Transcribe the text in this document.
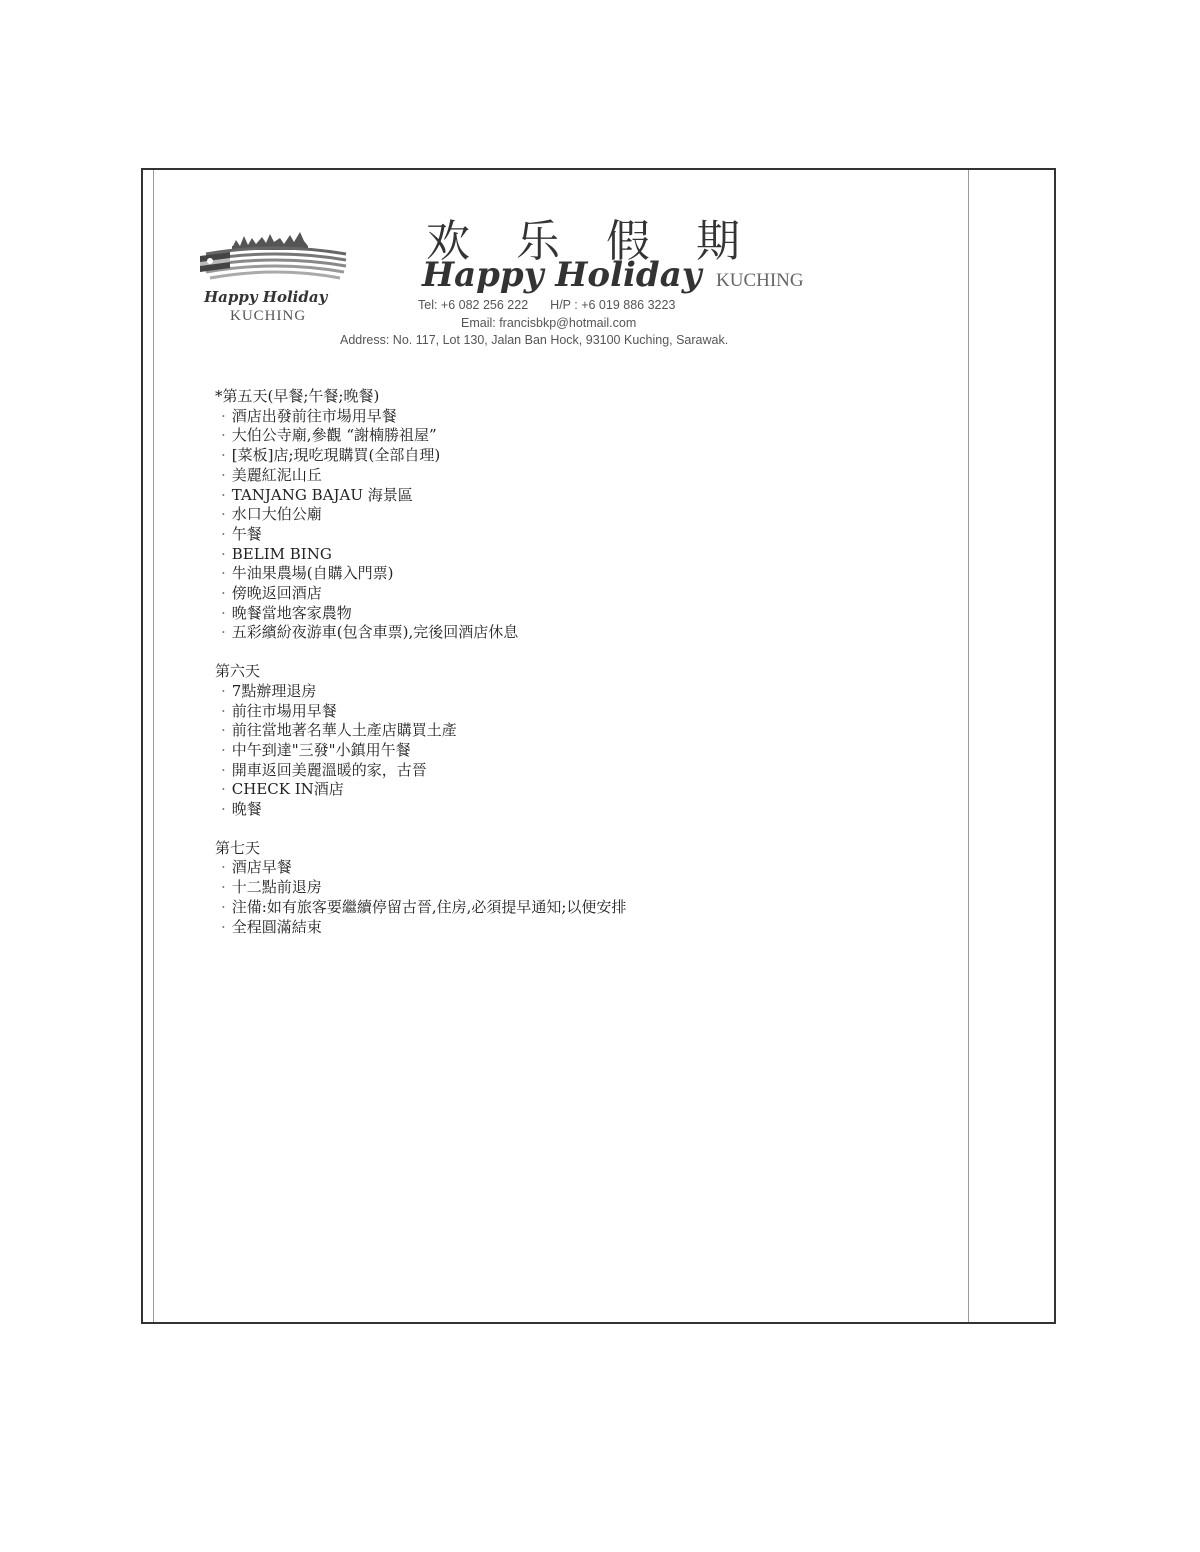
Happy Holiday
KUCHING
欢 乐 假 期
Happy Holiday KUCHING
Tel: +6 082 256 222 H/P : +6 019 886 3223
Email: francisbkp@hotmail.com
Address: No. 117, Lot 130, Jalan Ban Hock, 93100 Kuching, Sarawak.
*第五天(早餐;午餐;晚餐)
· 酒店出發前往市場用早餐
· 大伯公寺廟,參觀 “謝楠勝祖屋”
· [菜板]店;現吃現購買(全部自理)
· 美麗紅泥山丘
· TANJANG BAJAU 海景區
· 水口大伯公廟
· 午餐
· BELIM BING
· 牛油果農場(自購入門票)
· 傍晚返回酒店
· 晚餐當地客家農物
· 五彩繽紛夜游車(包含車票),完後回酒店休息
第六天
· 7點辦理退房
· 前往市場用早餐
· 前往當地著名華人土產店購買土產
· 中午到達"三發"小鎮用午餐
· 開車返回美麗溫暖的家，古晉
· CHECK IN酒店
· 晚餐
第七天
· 酒店早餐
· 十二點前退房
· 注備:如有旅客要繼續停留古晉,住房,必須提早通知;以便安排
· 全程圓滿結束
